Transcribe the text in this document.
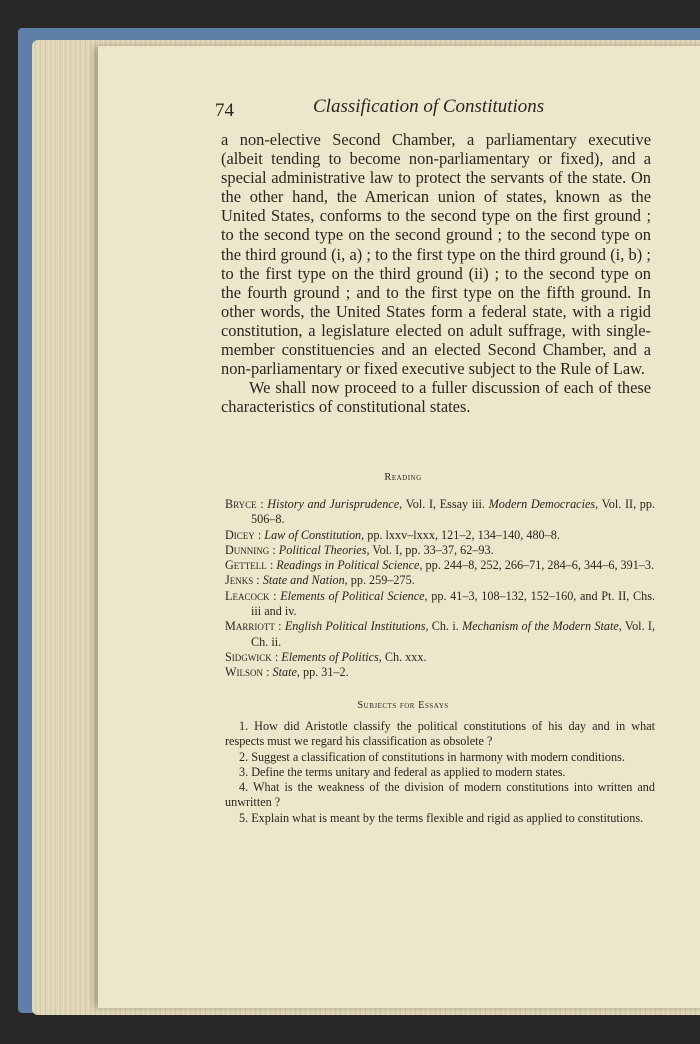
74	Classification of Constitutions

a non-elective Second Chamber, a parliamentary executive (albeit tending to become non-parliamentary or fixed), and a special administrative law to protect the servants of the state. On the other hand, the American union of states, known as the United States, conforms to the second type on the first ground ; to the second type on the second ground ; to the second type on the third ground (i, a) ; to the first type on the third ground (i, b) ; to the first type on the third ground (ii) ; to the second type on the fourth ground ; and to the first type on the fifth ground. In other words, the United States form a federal state, with a rigid constitution, a legislature elected on adult suffrage, with single-member constituencies and an elected Second Chamber, and a non-parliamentary or fixed executive subject to the Rule of Law.

We shall now proceed to a fuller discussion of each of these characteristics of constitutional states.

Reading
Bryce : History and Jurisprudence, Vol. I, Essay iii. Modern Democracies, Vol. II, pp. 506–8.
Dicey : Law of Constitution, pp. lxxv–lxxx, 121–2, 134–140, 480–8.
Dunning : Political Theories, Vol. I, pp. 33–37, 62–93.
Gettell : Readings in Political Science, pp. 244–8, 252, 266–71, 284–6, 344–6, 391–3.
Jenks : State and Nation, pp. 259–275.
Leacock : Elements of Political Science, pp. 41–3, 108–132, 152–160, and Pt. II, Chs. iii and iv.
Marriott : English Political Institutions, Ch. i. Mechanism of the Modern State, Vol. I, Ch. ii.
Sidgwick : Elements of Politics, Ch. xxx.
Wilson : State, pp. 31–2.
Subjects for Essays
1. How did Aristotle classify the political constitutions of his day and in what respects must we regard his classification as obsolete ?
2. Suggest a classification of constitutions in harmony with modern conditions.
3. Define the terms unitary and federal as applied to modern states.
4. What is the weakness of the division of modern constitutions into written and unwritten ?
5. Explain what is meant by the terms flexible and rigid as applied to constitutions.
